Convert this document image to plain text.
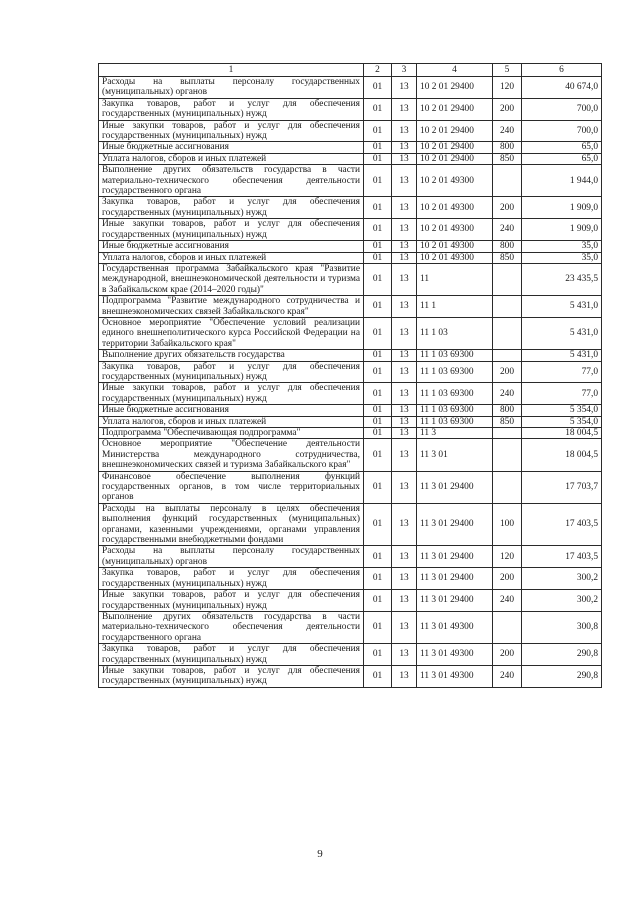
1	2	3	4	5	6
Расходы на выплаты персоналу государственных (муниципальных) органов	01	13	10 2 01 29400	120	40 674,0
Закупка товаров, работ и услуг для обеспечения государственных (муниципальных) нужд	01	13	10 2 01 29400	200	700,0
Иные закупки товаров, работ и услуг для обеспечения государственных (муниципальных) нужд	01	13	10 2 01 29400	240	700,0
Иные бюджетные ассигнования	01	13	10 2 01 29400	800	65,0
Уплата налогов, сборов и иных платежей	01	13	10 2 01 29400	850	65,0
Выполнение других обязательств государства в части материально-технического обеспечения деятельности государственного органа	01	13	10 2 01 49300		1 944,0
Закупка товаров, работ и услуг для обеспечения государственных (муниципальных) нужд	01	13	10 2 01 49300	200	1 909,0
Иные закупки товаров, работ и услуг для обеспечения государственных (муниципальных) нужд	01	13	10 2 01 49300	240	1 909,0
Иные бюджетные ассигнования	01	13	10 2 01 49300	800	35,0
Уплата налогов, сборов и иных платежей	01	13	10 2 01 49300	850	35,0
Государственная программа Забайкальского края "Развитие международной, внешнеэкономической деятельности и туризма в Забайкальском крае (2014–2020 годы)"	01	13	11		23 435,5
Подпрограмма "Развитие международного сотрудничества и внешнеэкономических связей Забайкальского края"	01	13	11 1		5 431,0
Основное мероприятие "Обеспечение условий реализации единого внешнеполитического курса Российской Федерации на территории Забайкальского края"	01	13	11 1 03		5 431,0
Выполнение других обязательств государства	01	13	11 1 03 69300		5 431,0
Закупка товаров, работ и услуг для обеспечения государственных (муниципальных) нужд	01	13	11 1 03 69300	200	77,0
Иные закупки товаров, работ и услуг для обеспечения государственных (муниципальных) нужд	01	13	11 1 03 69300	240	77,0
Иные бюджетные ассигнования	01	13	11 1 03 69300	800	5 354,0
Уплата налогов, сборов и иных платежей	01	13	11 1 03 69300	850	5 354,0
Подпрограмма "Обеспечивающая подпрограмма"	01	13	11 3		18 004,5
Основное мероприятие "Обеспечение деятельности Министерства международного сотрудничества, внешнеэкономических связей и туризма Забайкальского края"	01	13	11 3 01		18 004,5
Финансовое обеспечение выполнения функций государственных органов, в том числе территориальных органов	01	13	11 3 01 29400		17 703,7
Расходы на выплаты персоналу в целях обеспечения выполнения функций государственных (муниципальных) органами, казенными учреждениями, органами управления государственными внебюджетными фондами	01	13	11 3 01 29400	100	17 403,5
Расходы на выплаты персоналу государственных (муниципальных) органов	01	13	11 3 01 29400	120	17 403,5
Закупка товаров, работ и услуг для обеспечения государственных (муниципальных) нужд	01	13	11 3 01 29400	200	300,2
Иные закупки товаров, работ и услуг для обеспечения государственных (муниципальных) нужд	01	13	11 3 01 29400	240	300,2
Выполнение других обязательств государства в части материально-технического обеспечения деятельности государственного органа	01	13	11 3 01 49300		300,8
Закупка товаров, работ и услуг для обеспечения государственных (муниципальных) нужд	01	13	11 3 01 49300	200	290,8
Иные закупки товаров, работ и услуг для обеспечения государственных (муниципальных) нужд	01	13	11 3 01 49300	240	290,8
9
